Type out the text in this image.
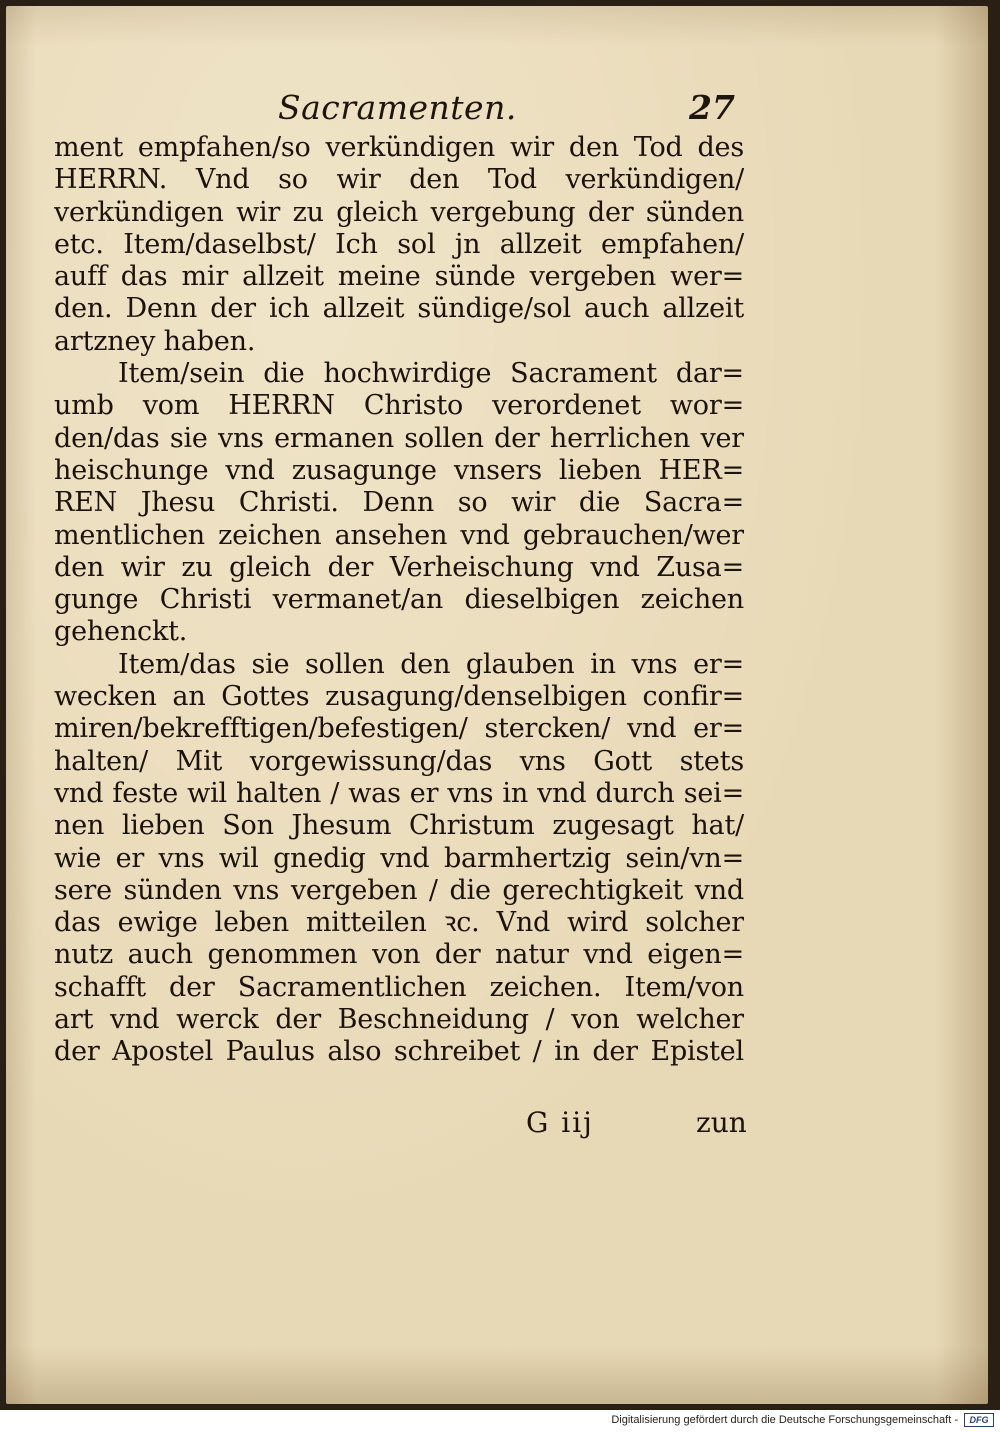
Sacramenten.	27
ment empfahen/so verkündigen wir den Tod des
HERRN. Vnd so wir den Tod verkündigen/
verkündigen wir zu gleich vergebung der sünden
etc. Item/daselbst/ Ich sol jn allzeit empfahen/
auff das mir allzeit meine sünde vergeben wer=
den. Denn der ich allzeit sündige/sol auch allzeit
artzney haben.
Item/sein die hochwirdige Sacrament dar=
umb vom HERRN Christo verordenet wor=
den/das sie vns ermanen sollen der herrlichen ver
heischunge vnd zusagunge vnsers lieben HER=
REN Jhesu Christi. Denn so wir die Sacra=
mentlichen zeichen ansehen vnd gebrauchen/wer
den wir zu gleich der Verheischung vnd Zusa=
gunge Christi vermanet/an dieselbigen zeichen
gehenckt.
Item/das sie sollen den glauben in vns er=
wecken an Gottes zusagung/denselbigen confir=
miren/bekrefftigen/befestigen/ stercken/ vnd er=
halten/ Mit vorgewissung/das vns Gott stets
vnd feste wil halten / was er vns in vnd durch sei=
nen lieben Son Jhesum Christum zugesagt hat/
wie er vns wil gnedig vnd barmhertzig sein/vn=
sere sünden vns vergeben / die gerechtigkeit vnd
das ewige leben mitteilen ꝛc. Vnd wird solcher
nutz auch genommen von der natur vnd eigen=
schafft der Sacramentlichen zeichen. Item/von
art vnd werck der Beschneidung / von welcher
der Apostel Paulus also schreibet / in der Epistel
G iij	zun
Digitalisierung gefördert durch die Deutsche Forschungsgemeinschaft -	DFG
